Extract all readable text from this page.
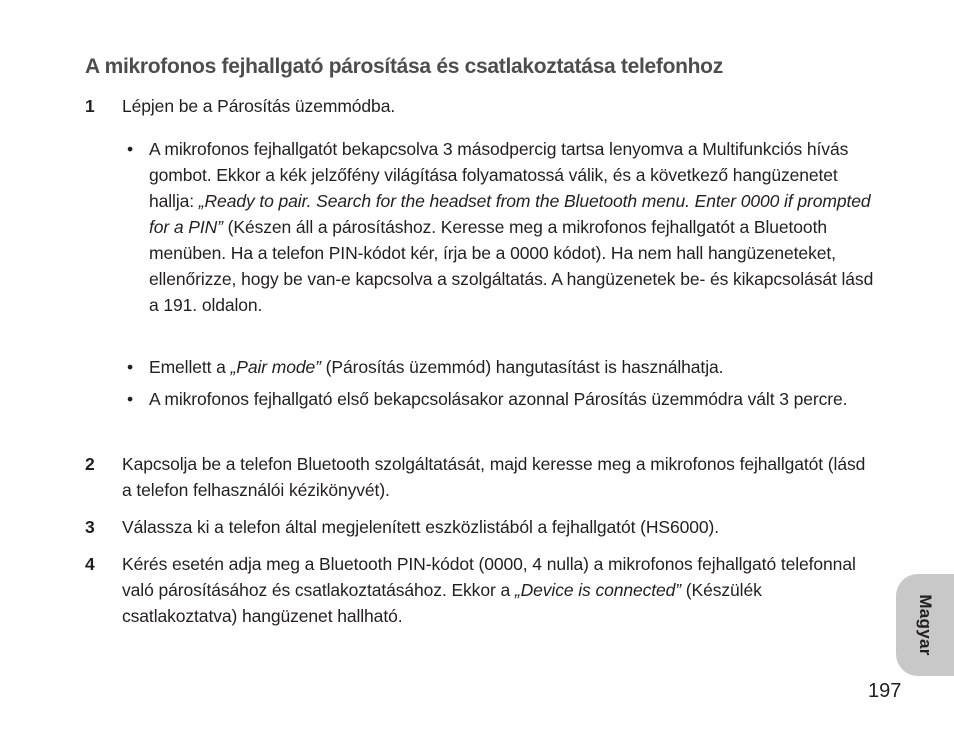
A mikrofonos fejhallgató párosítása és csatlakoztatása telefonhoz
1 Lépjen be a Párosítás üzemmódba.
• A mikrofonos fejhallgatót bekapcsolva 3 másodpercig tartsa lenyomva a Multifunkciós hívás gombot. Ekkor a kék jelzőfény világítása folyamatossá válik, és a következő hangüzenetet hallja: „Ready to pair. Search for the headset from the Bluetooth menu. Enter 0000 if prompted for a PIN” (Készen áll a párosításhoz. Keresse meg a mikrofonos fejhallgatót a Bluetooth menüben. Ha a telefon PIN-kódot kér, írja be a 0000 kódot). Ha nem hall hangüzeneteket, ellenőrizze, hogy be van-e kapcsolva a szolgáltatás. A hangüzenetek be- és kikapcsolását lásd a 191. oldalon.
• Emellett a „Pair mode” (Párosítás üzemmód) hangutasítást is használhatja.
• A mikrofonos fejhallgató első bekapcsolásakor azonnal Párosítás üzemmódra vált 3 percre.
2 Kapcsolja be a telefon Bluetooth szolgáltatását, majd keresse meg a mikrofonos fejhallgatót (lásd a telefon felhasználói kézikönyvét).
3 Válassza ki a telefon által megjelenített eszközlistából a fejhallgatót (HS6000).
4 Kérés esetén adja meg a Bluetooth PIN-kódot (0000, 4 nulla) a mikrofonos fejhallgató telefonnal való párosításához és csatlakoztatásához. Ekkor a „Device is connected” (Készülék csatlakoztatva) hangüzenet hallható.	Magyar
197
